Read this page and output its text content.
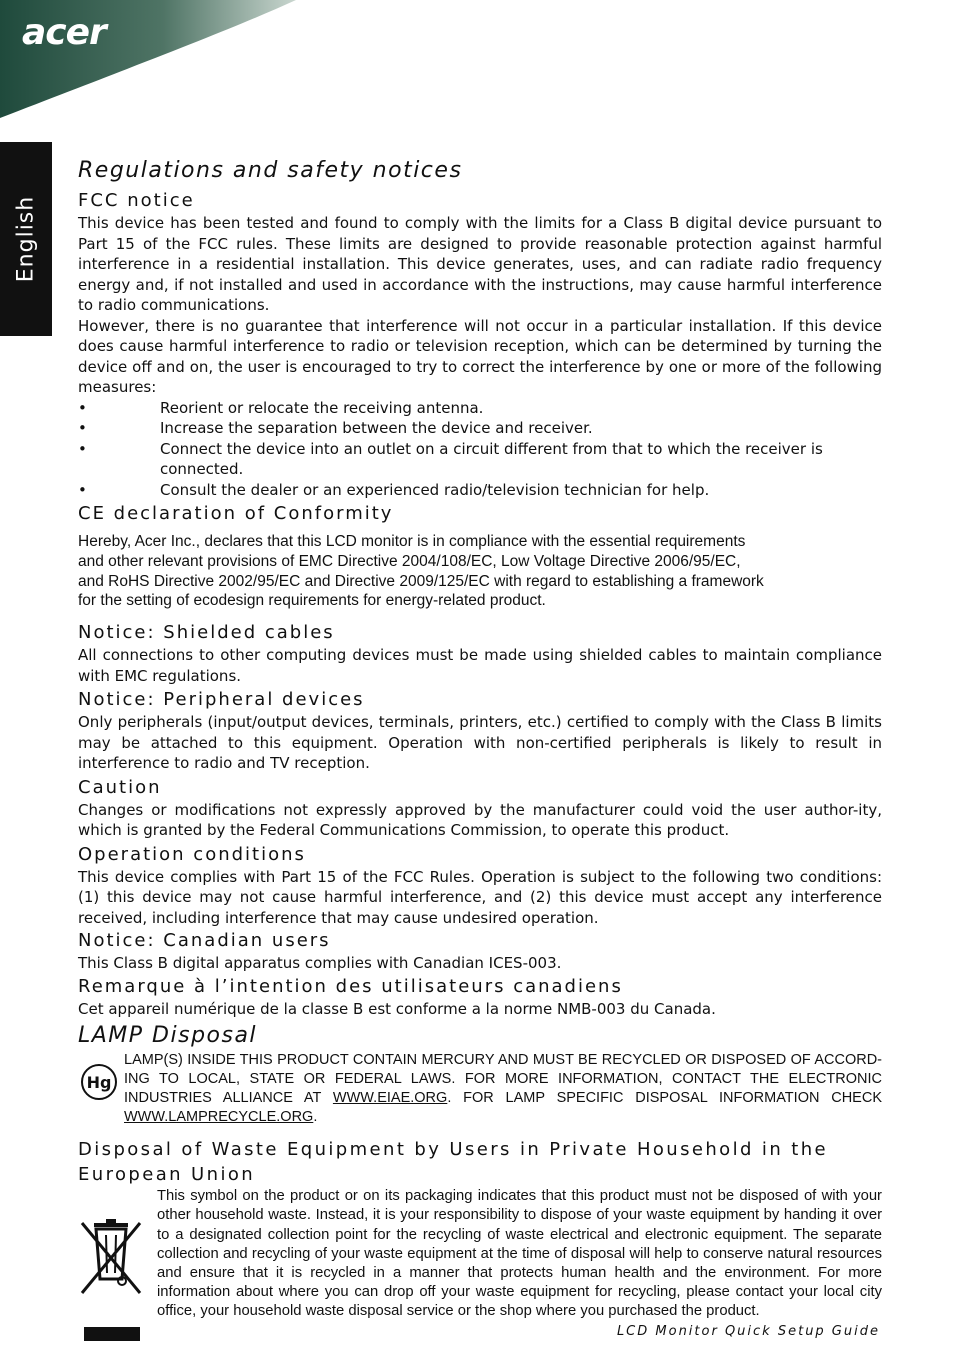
acer
English
Regulations and safety notices
FCC notice

This device has been tested and found to comply with the limits for a Class B digital device pursuant to Part 15 of the FCC rules. These limits are designed to provide reasonable protection against harmful interference in a residential installation. This device generates, uses, and can radiate radio frequency energy and, if not installed and used in accordance with the instructions, may cause harmful interference to radio communications.

However, there is no guarantee that interference will not occur in a particular installation. If this device does cause harmful interference to radio or television reception, which can be determined by turning the device off and on, the user is encouraged to try to correct the interference by one or more of the following measures:

•	Reorient or relocate the receiving antenna.
•	Increase the separation between the device and receiver.
•	Connect the device into an outlet on a circuit different from that to which the receiver is connected.
•	Consult the dealer or an experienced radio/television technician for help.
CE declaration of Conformity
Hereby, Acer Inc., declares that this LCD monitor is in compliance with the essential requirements
and other relevant provisions of EMC Directive 2004/108/EC, Low Voltage Directive 2006/95/EC,
and RoHS Directive 2002/95/EC and Directive 2009/125/EC with regard to establishing a framework
for the setting of ecodesign requirements for energy-related product.
Notice: Shielded cables

All connections to other computing devices must be made using shielded cables to maintain compliance with EMC regulations.

Notice: Peripheral devices

Only peripherals (input/output devices, terminals, printers, etc.) certified to comply with the Class B limits may be attached to this equipment. Operation with non-certified peripherals is likely to result in interference to radio and TV reception.

Caution

Changes or modifications not expressly approved by the manufacturer could void the user author-ity, which is granted by the Federal Communications Commission, to operate this product.

Operation conditions

This device complies with Part 15 of the FCC Rules. Operation is subject to the following two conditions: (1) this device may not cause harmful interference, and (2) this device must accept any interference received, including interference that may cause undesired operation.

Notice: Canadian users

This Class B digital apparatus complies with Canadian ICES-003.

Remarque à l’intention des utilisateurs canadiens

Cet appareil numérique de la classe B est conforme a la norme NMB-003 du Canada.

LAMP Disposal
Hg
LAMP(S) INSIDE THIS PRODUCT CONTAIN MERCURY AND MUST BE RECYCLED OR DISPOSED OF ACCORD-ING TO LOCAL, STATE OR FEDERAL LAWS. FOR MORE INFORMATION, CONTACT THE ELECTRONIC INDUSTRIES ALLIANCE AT WWW.EIAE.ORG. FOR LAMP SPECIFIC DISPOSAL INFORMATION CHECK WWW.LAMPRECYCLE.ORG.
Disposal of Waste Equipment by Users in Private Household in the European Union
This symbol on the product or on its packaging indicates that this product must not be disposed of with your other household waste. Instead, it is your responsibility to dispose of your waste equipment by handing it over to a designated collection point for the recycling of waste electrical and electronic equipment. The separate collection and recycling of your waste equipment at the time of disposal will help to conserve natural resources and ensure that it is recycled in a manner that protects human health and the environment. For more information about where you can drop off your waste equipment for recycling, please contact your local city office, your household waste disposal service or the shop where you purchased the product.
LCD Monitor Quick Setup Guide
